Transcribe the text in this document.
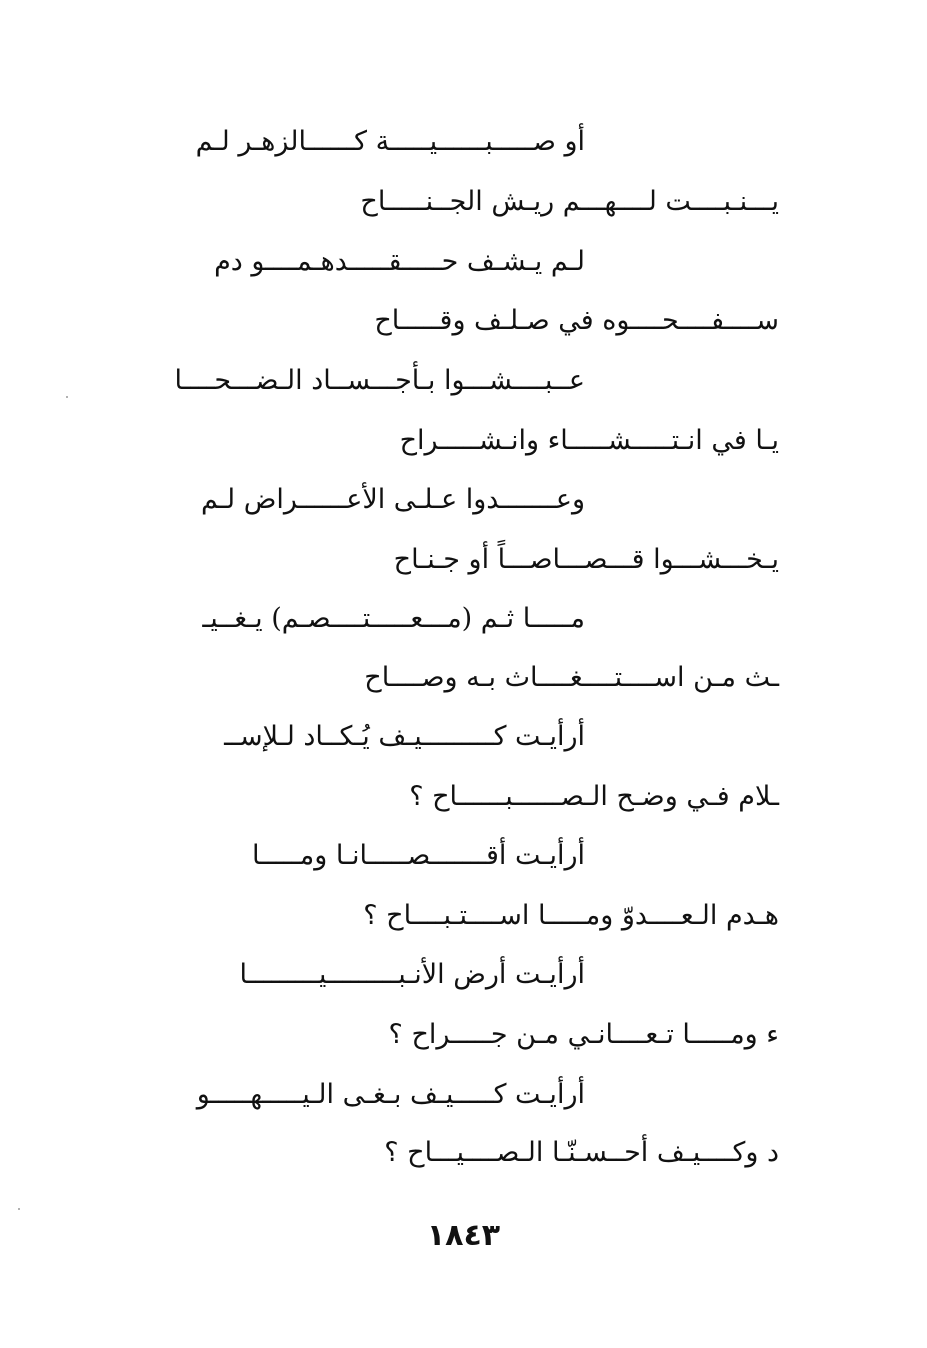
أو صـــــبــــــيـــــة كــــــالزهـر لـم
يـــنـبــــت لــــهـــم ريـش الجــنـــــاح
لـم يـشـف حـــــقـــــدهـمــــو دم
ســــفــــحــــوه في صـلـف وقـــــاح
عــبــــشـــوا بـأجـــســاد الـضـــحــــا
يـا في انـتـــــشـــــاء وانـشـــــراح
وعـــــــدوا عـلـى الأعــــــراض لـم
يـخـــشـــوا قـــصـــاصـــاً أو جـنـاح
مـــــا ثـم (مـــعـــــتــــصـم) يـغــيـ
ـث مـن اســــتــــغــــاث بـه وصــــاح
أرأيـت كـــــــــيـف يُـكــاد لـلإســ
ـلام فـي وضـح الـصــــــبــــــاح ؟
أرأيـت أقـــــــصـــــانـا ومـــــا
هـدم الـعــــدوّ ومـــــا اســــتـبــــاح ؟
أرأيـت أرض الأنـبـــــــــيـــــــــا
ء ومـــــا تـعــــانـي مـن جـــــراح ؟
أرأيـت كـــــيـف بـغـى الـيـــــهـــــو
د وكــــيـف أحــسـنّـا الـصــــيـــاح ؟
١٨٤٣
